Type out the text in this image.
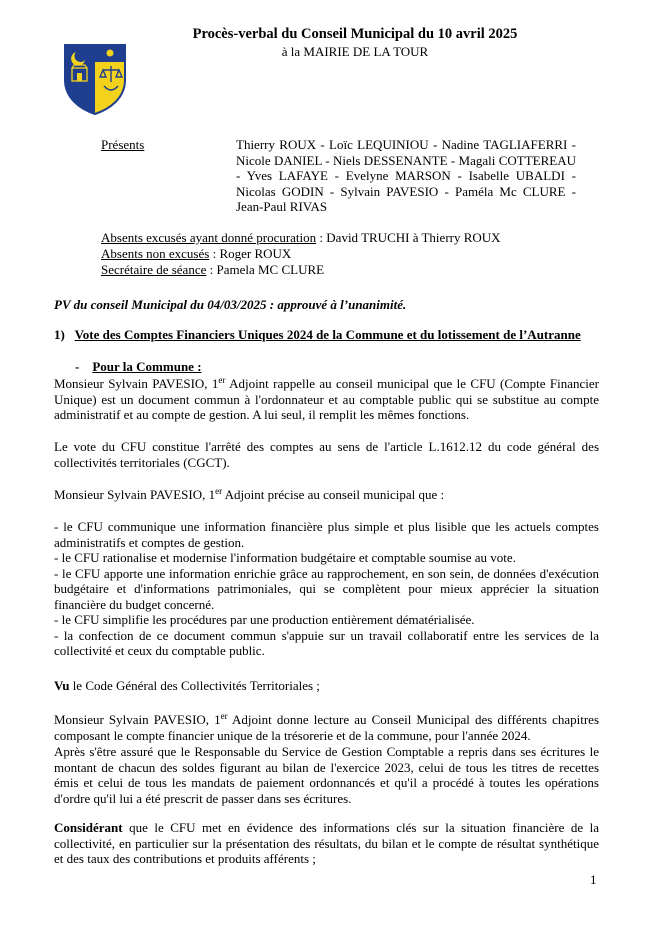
Procès-verbal du Conseil Municipal du 10 avril 2025
à la MAIRIE DE LA TOUR
Présents	Thierry ROUX - Loïc LEQUINIOU - Nadine TAGLIAFERRI - Nicole DANIEL - Niels DESSENANTE - Magali COTTEREAU - Yves LAFAYE - Evelyne MARSON - Isabelle UBALDI - Nicolas GODIN - Sylvain PAVESIO - Paméla Mc CLURE - Jean-Paul RIVAS
Absents excusés ayant donné procuration : David TRUCHI à Thierry ROUX
Absents non excusés : Roger ROUX
Secrétaire de séance : Pamela MC CLURE
PV du conseil Municipal du 04/03/2025 : approuvé à l’unanimité.
1) Vote des Comptes Financiers Uniques 2024 de la Commune et du lotissement de l’Autranne
- Pour la Commune :
Monsieur Sylvain PAVESIO, 1er Adjoint rappelle au conseil municipal que le CFU (Compte Financier Unique) est un document commun à l'ordonnateur et au comptable public qui se substitue au compte administratif et au compte de gestion. A lui seul, il remplit les mêmes fonctions.
Le vote du CFU constitue l'arrêté des comptes au sens de l'article L.1612.12 du code général des collectivités territoriales (CGCT).
Monsieur Sylvain PAVESIO, 1er Adjoint précise au conseil municipal que :
- le CFU communique une information financière plus simple et plus lisible que les actuels comptes administratifs et comptes de gestion.
- le CFU rationalise et modernise l'information budgétaire et comptable soumise au vote.
- le CFU apporte une information enrichie grâce au rapprochement, en son sein, de données d'exécution budgétaire et d'informations patrimoniales, qui se complètent pour mieux apprécier la situation financière du budget concerné.
- le CFU simplifie les procédures par une production entièrement dématérialisée.
- la confection de ce document commun s'appuie sur un travail collaboratif entre les services de la collectivité et ceux du comptable public.
Vu le Code Général des Collectivités Territoriales ;
Monsieur Sylvain PAVESIO, 1er Adjoint donne lecture au Conseil Municipal des différents chapitres composant le compte financier unique de la trésorerie et de la commune, pour l'année 2024.
Après s'être assuré que le Responsable du Service de Gestion Comptable a repris dans ses écritures le montant de chacun des soldes figurant au bilan de l'exercice 2023, celui de tous les titres de recettes émis et celui de tous les mandats de paiement ordonnancés et qu'il a procédé à toutes les opérations d'ordre qu'il lui a été prescrit de passer dans ses écritures.
Considérant que le CFU met en évidence des informations clés sur la situation financière de la collectivité, en particulier sur la présentation des résultats, du bilan et le compte de résultat synthétique et des taux des contributions et produits afférents ;
1
